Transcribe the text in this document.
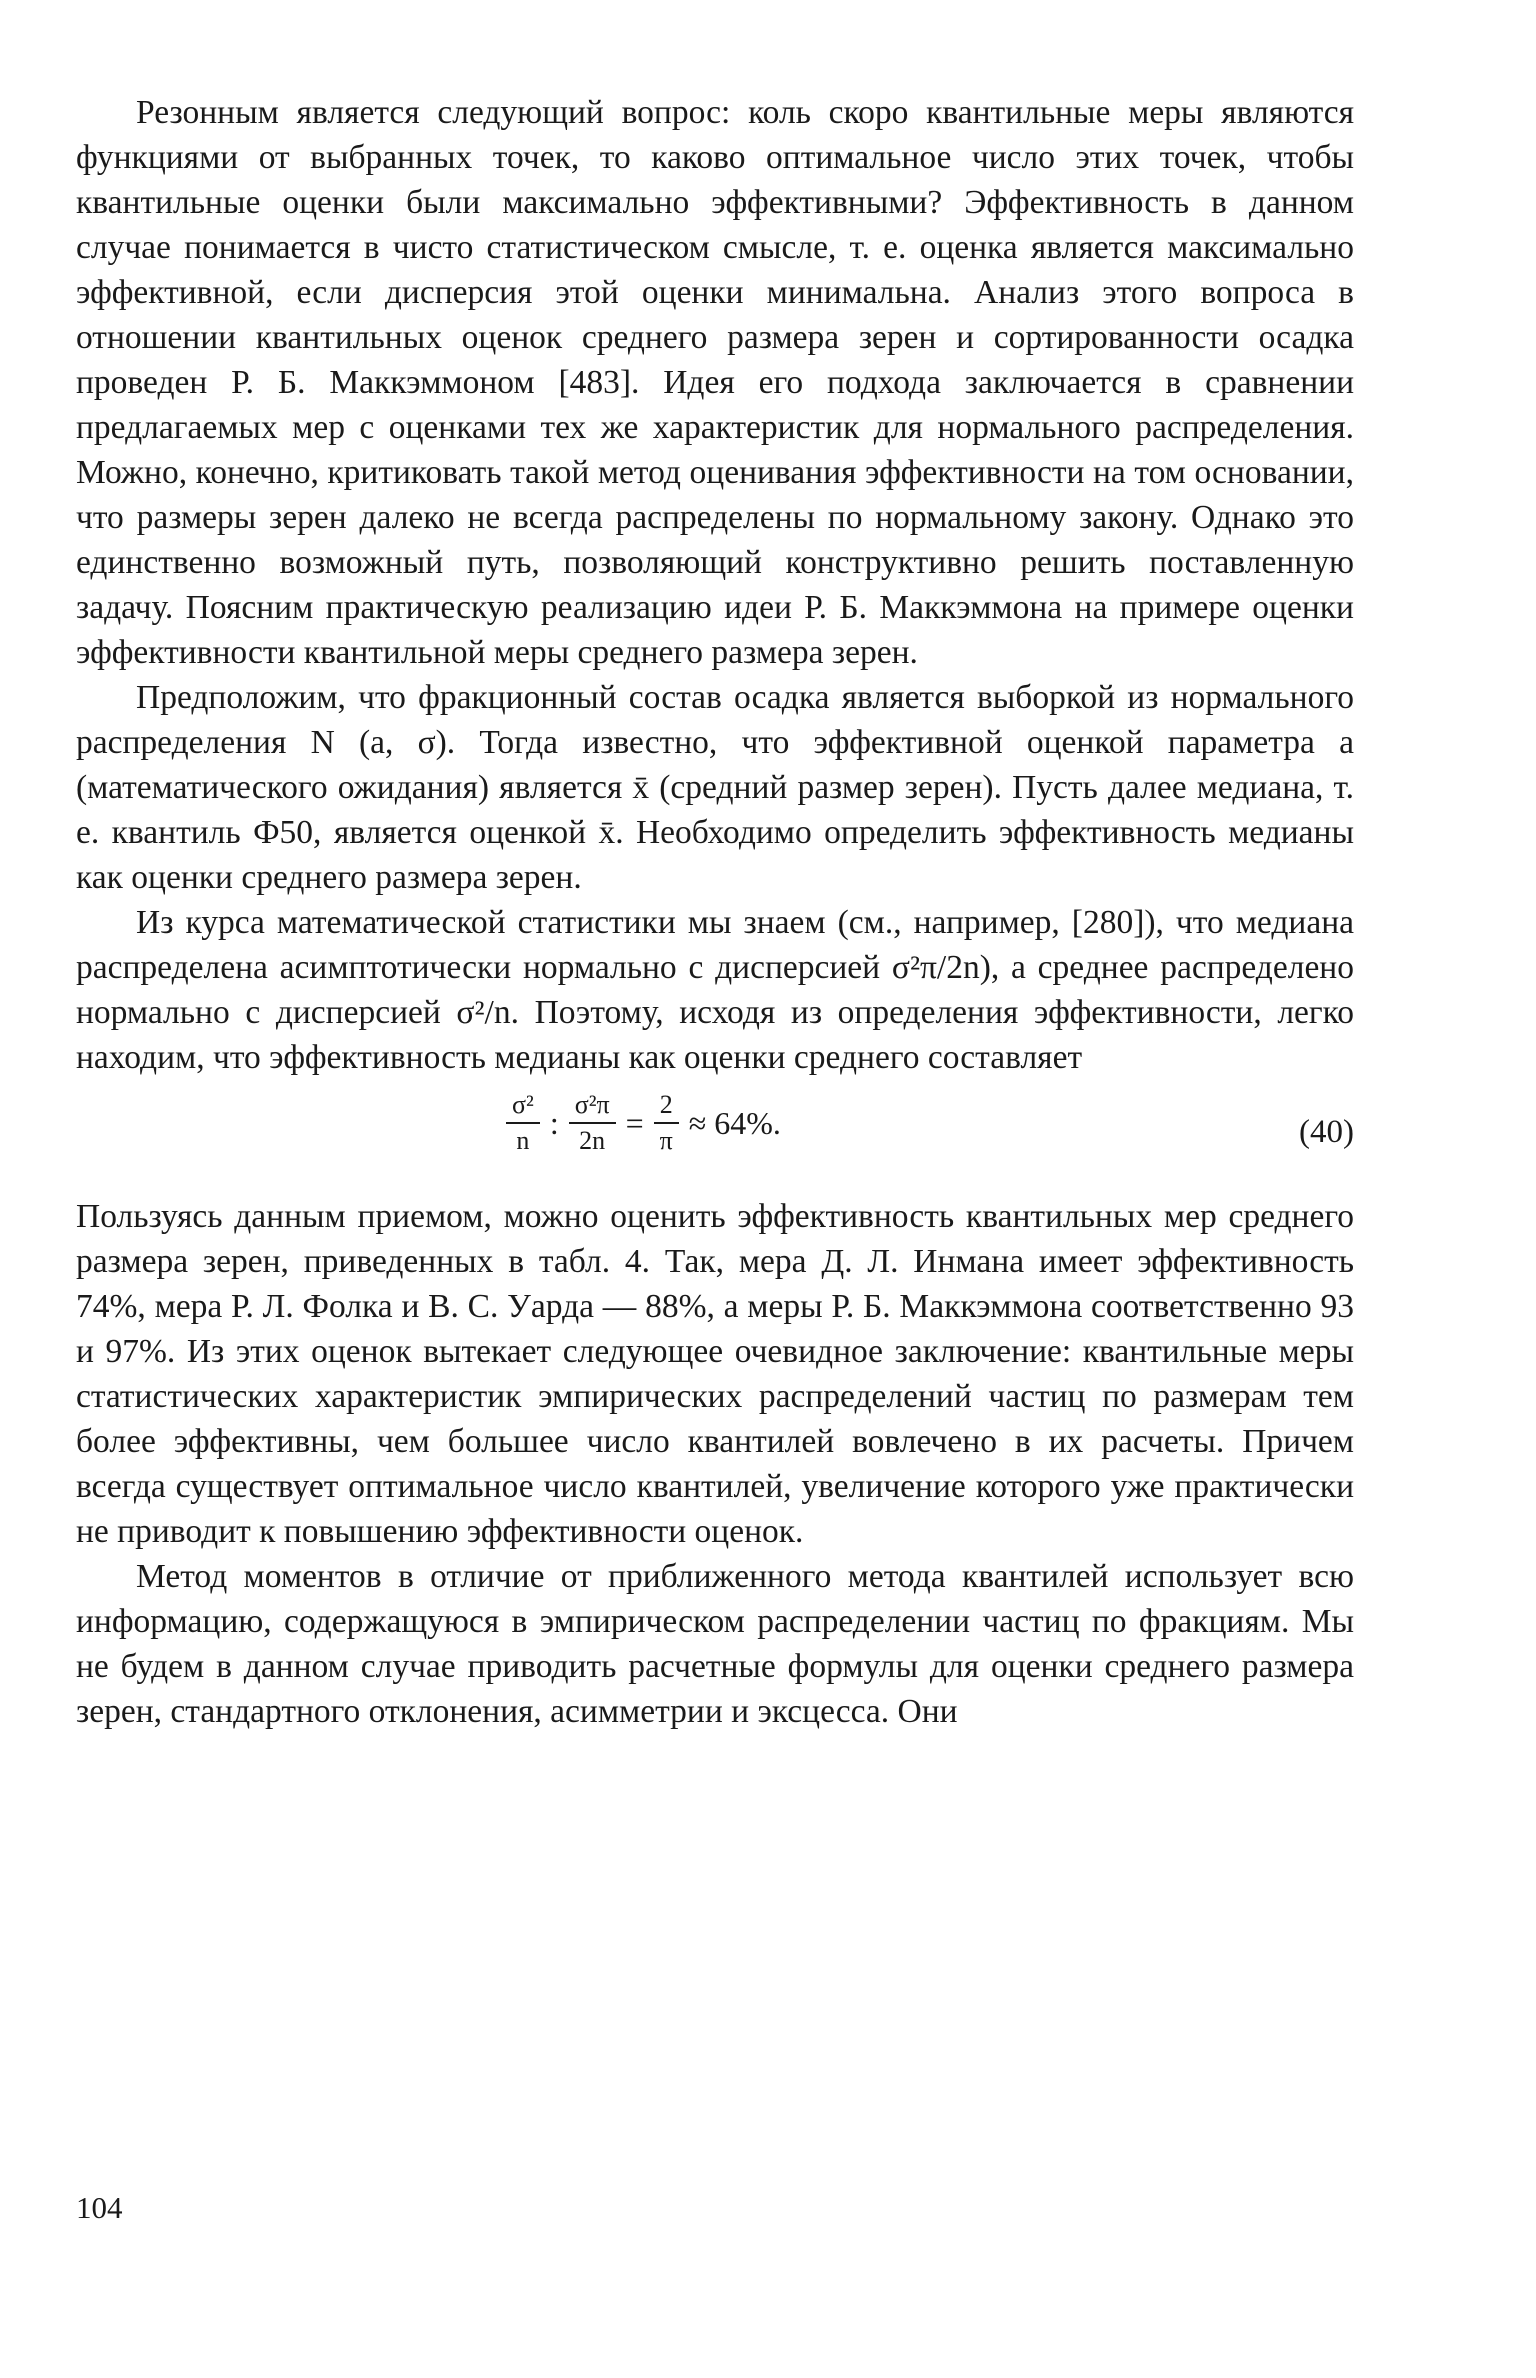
Резонным является следующий вопрос: коль скоро квантильные меры являются функциями от выбранных точек, то каково оптимальное число этих точек, чтобы квантильные оценки были максимально эффективными? Эффективность в данном случае понимается в чисто статистическом смысле, т. е. оценка является максимально эффективной, если дисперсия этой оценки минимальна. Анализ этого вопроса в отношении квантильных оценок среднего размера зерен и сортированности осадка проведен Р. Б. Маккэммоном [483]. Идея его подхода заключается в сравнении предлагаемых мер с оценками тех же характеристик для нормального распределения. Можно, конечно, критиковать такой метод оценивания эффективности на том основании, что размеры зерен далеко не всегда распределены по нормальному закону. Однако это единственно возможный путь, позволяющий конструктивно решить поставленную задачу. Поясним практическую реализацию идеи Р. Б. Маккэммона на примере оценки эффективности квантильной меры среднего размера зерен.

Предположим, что фракционный состав осадка является выборкой из нормального распределения N (a, σ). Тогда известно, что эффективной оценкой параметра a (математического ожидания) является x̄ (средний размер зерен). Пусть далее медиана, т. е. квантиль Ф50, является оценкой x̄. Необходимо определить эффективность медианы как оценки среднего размера зерен.

Из курса математической статистики мы знаем (см., например, [280]), что медиана распределена асимптотически нормально с дисперсией σ²π/2n), а среднее распределено нормально с дисперсией σ²/n. Поэтому, исходя из определения эффективности, легко находим, что эффективность медианы как оценки среднего составляет

$\frac{\text{σ²}}{n}$ : $\frac{\text{σ²π}}{2n} = \frac{2}{\pi} \approx 64\%$.	(40)

Пользуясь данным приемом, можно оценить эффективность квантильных мер среднего размера зерен, приведенных в табл. 4. Так, мера Д. Л. Инмана имеет эффективность 74%, мера Р. Л. Фолка и В. С. Уарда — 88%, а меры Р. Б. Маккэммона соответственно 93 и 97%. Из этих оценок вытекает следующее очевидное заключение: квантильные меры статистических характеристик эмпирических распределений частиц по размерам тем более эффективны, чем большее число квантилей вовлечено в их расчеты. Причем всегда существует оптимальное число квантилей, увеличение которого уже практически не приводит к повышению эффективности оценок.

Метод моментов в отличие от приближенного метода квантилей использует всю информацию, содержащуюся в эмпирическом распределении частиц по фракциям. Мы не будем в данном случае приводить расчетные формулы для оценки среднего размера зерен, стандартного отклонения, асимметрии и эксцесса. Они

104
